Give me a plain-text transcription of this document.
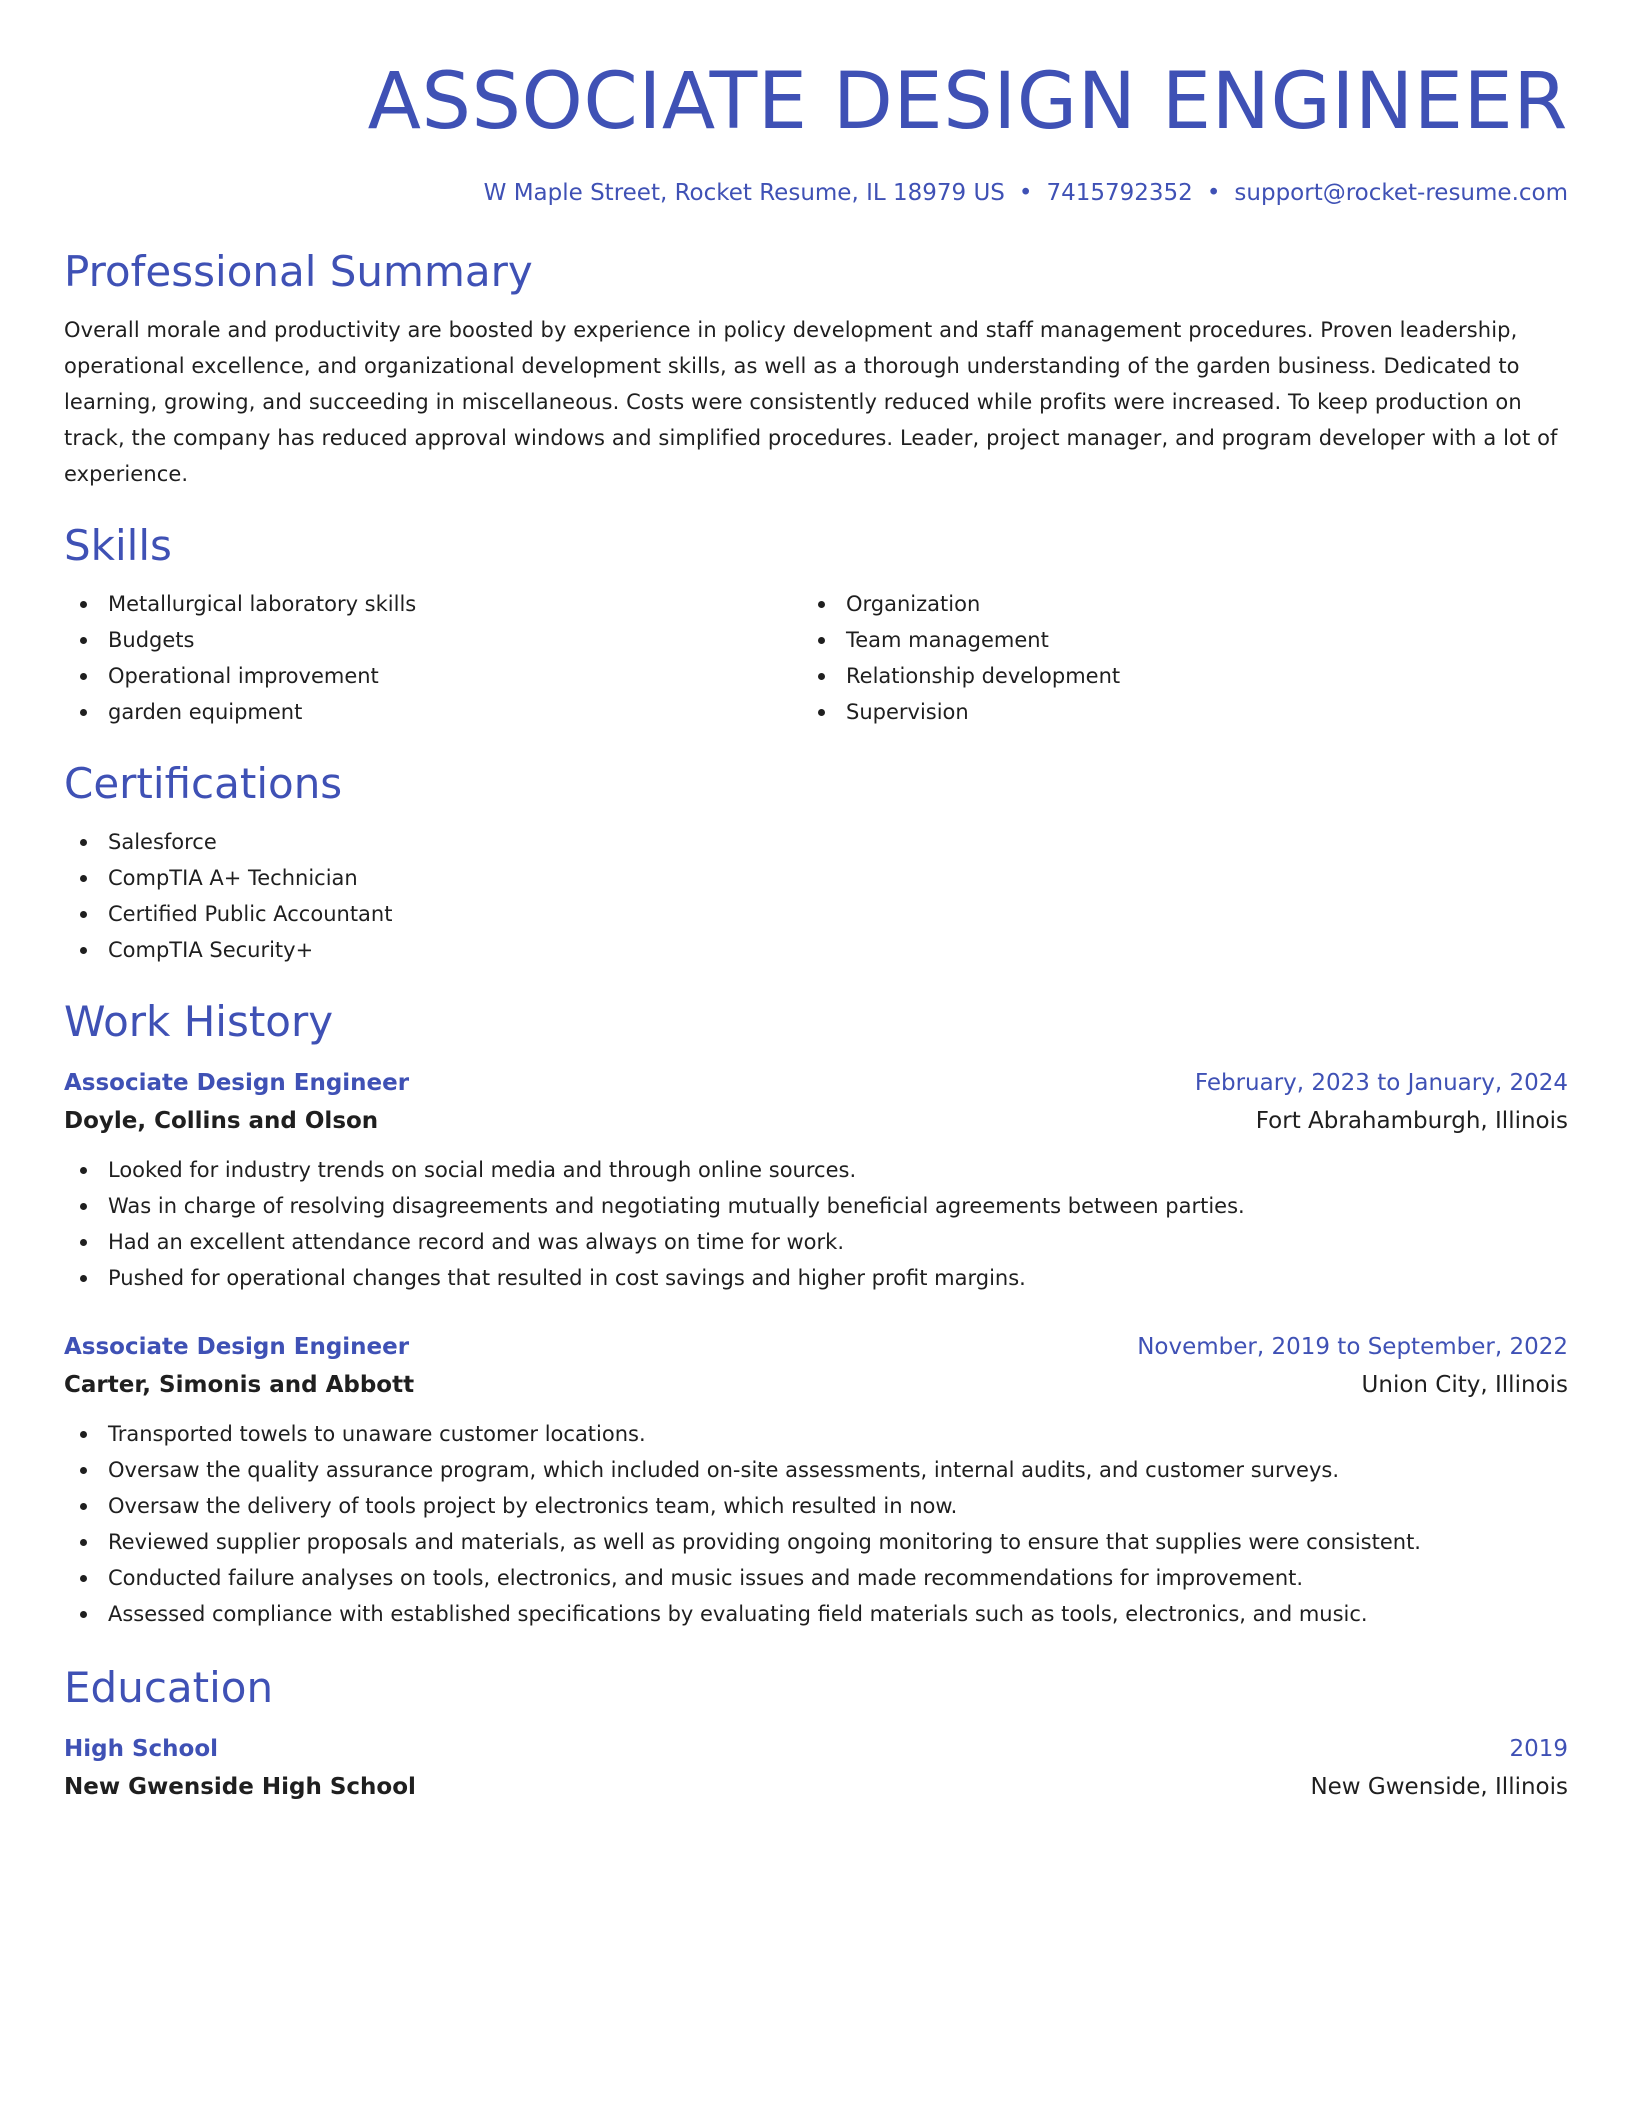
ASSOCIATE DESIGN ENGINEER
W Maple Street, Rocket Resume, IL 18979 US • 7415792352 • support@rocket-resume.com
Professional Summary

Overall morale and productivity are boosted by experience in policy development and staff management procedures. Proven leadership, operational excellence, and organizational development skills, as well as a thorough understanding of the garden business. Dedicated to learning, growing, and succeeding in miscellaneous. Costs were consistently reduced while profits were increased. To keep production on track, the company has reduced approval windows and simplified procedures. Leader, project manager, and program developer with a lot of experience.

Skills
Metallurgical laboratory skills
Budgets
Operational improvement
garden equipment
Organization
Team management
Relationship development
Supervision
Certifications
Salesforce
CompTIA A+ Technician
Certified Public Accountant
CompTIA Security+
Work History
Associate Design Engineer	February, 2023 to January, 2024
Doyle, Collins and Olson	Fort Abrahamburgh, Illinois
Looked for industry trends on social media and through online sources.
Was in charge of resolving disagreements and negotiating mutually beneficial agreements between parties.
Had an excellent attendance record and was always on time for work.
Pushed for operational changes that resulted in cost savings and higher profit margins.
Associate Design Engineer	November, 2019 to September, 2022
Carter, Simonis and Abbott	Union City, Illinois
Transported towels to unaware customer locations.
Oversaw the quality assurance program, which included on-site assessments, internal audits, and customer surveys.
Oversaw the delivery of tools project by electronics team, which resulted in now.
Reviewed supplier proposals and materials, as well as providing ongoing monitoring to ensure that supplies were consistent.
Conducted failure analyses on tools, electronics, and music issues and made recommendations for improvement.
Assessed compliance with established specifications by evaluating field materials such as tools, electronics, and music.
Education
High School	2019
New Gwenside High School	New Gwenside, Illinois
